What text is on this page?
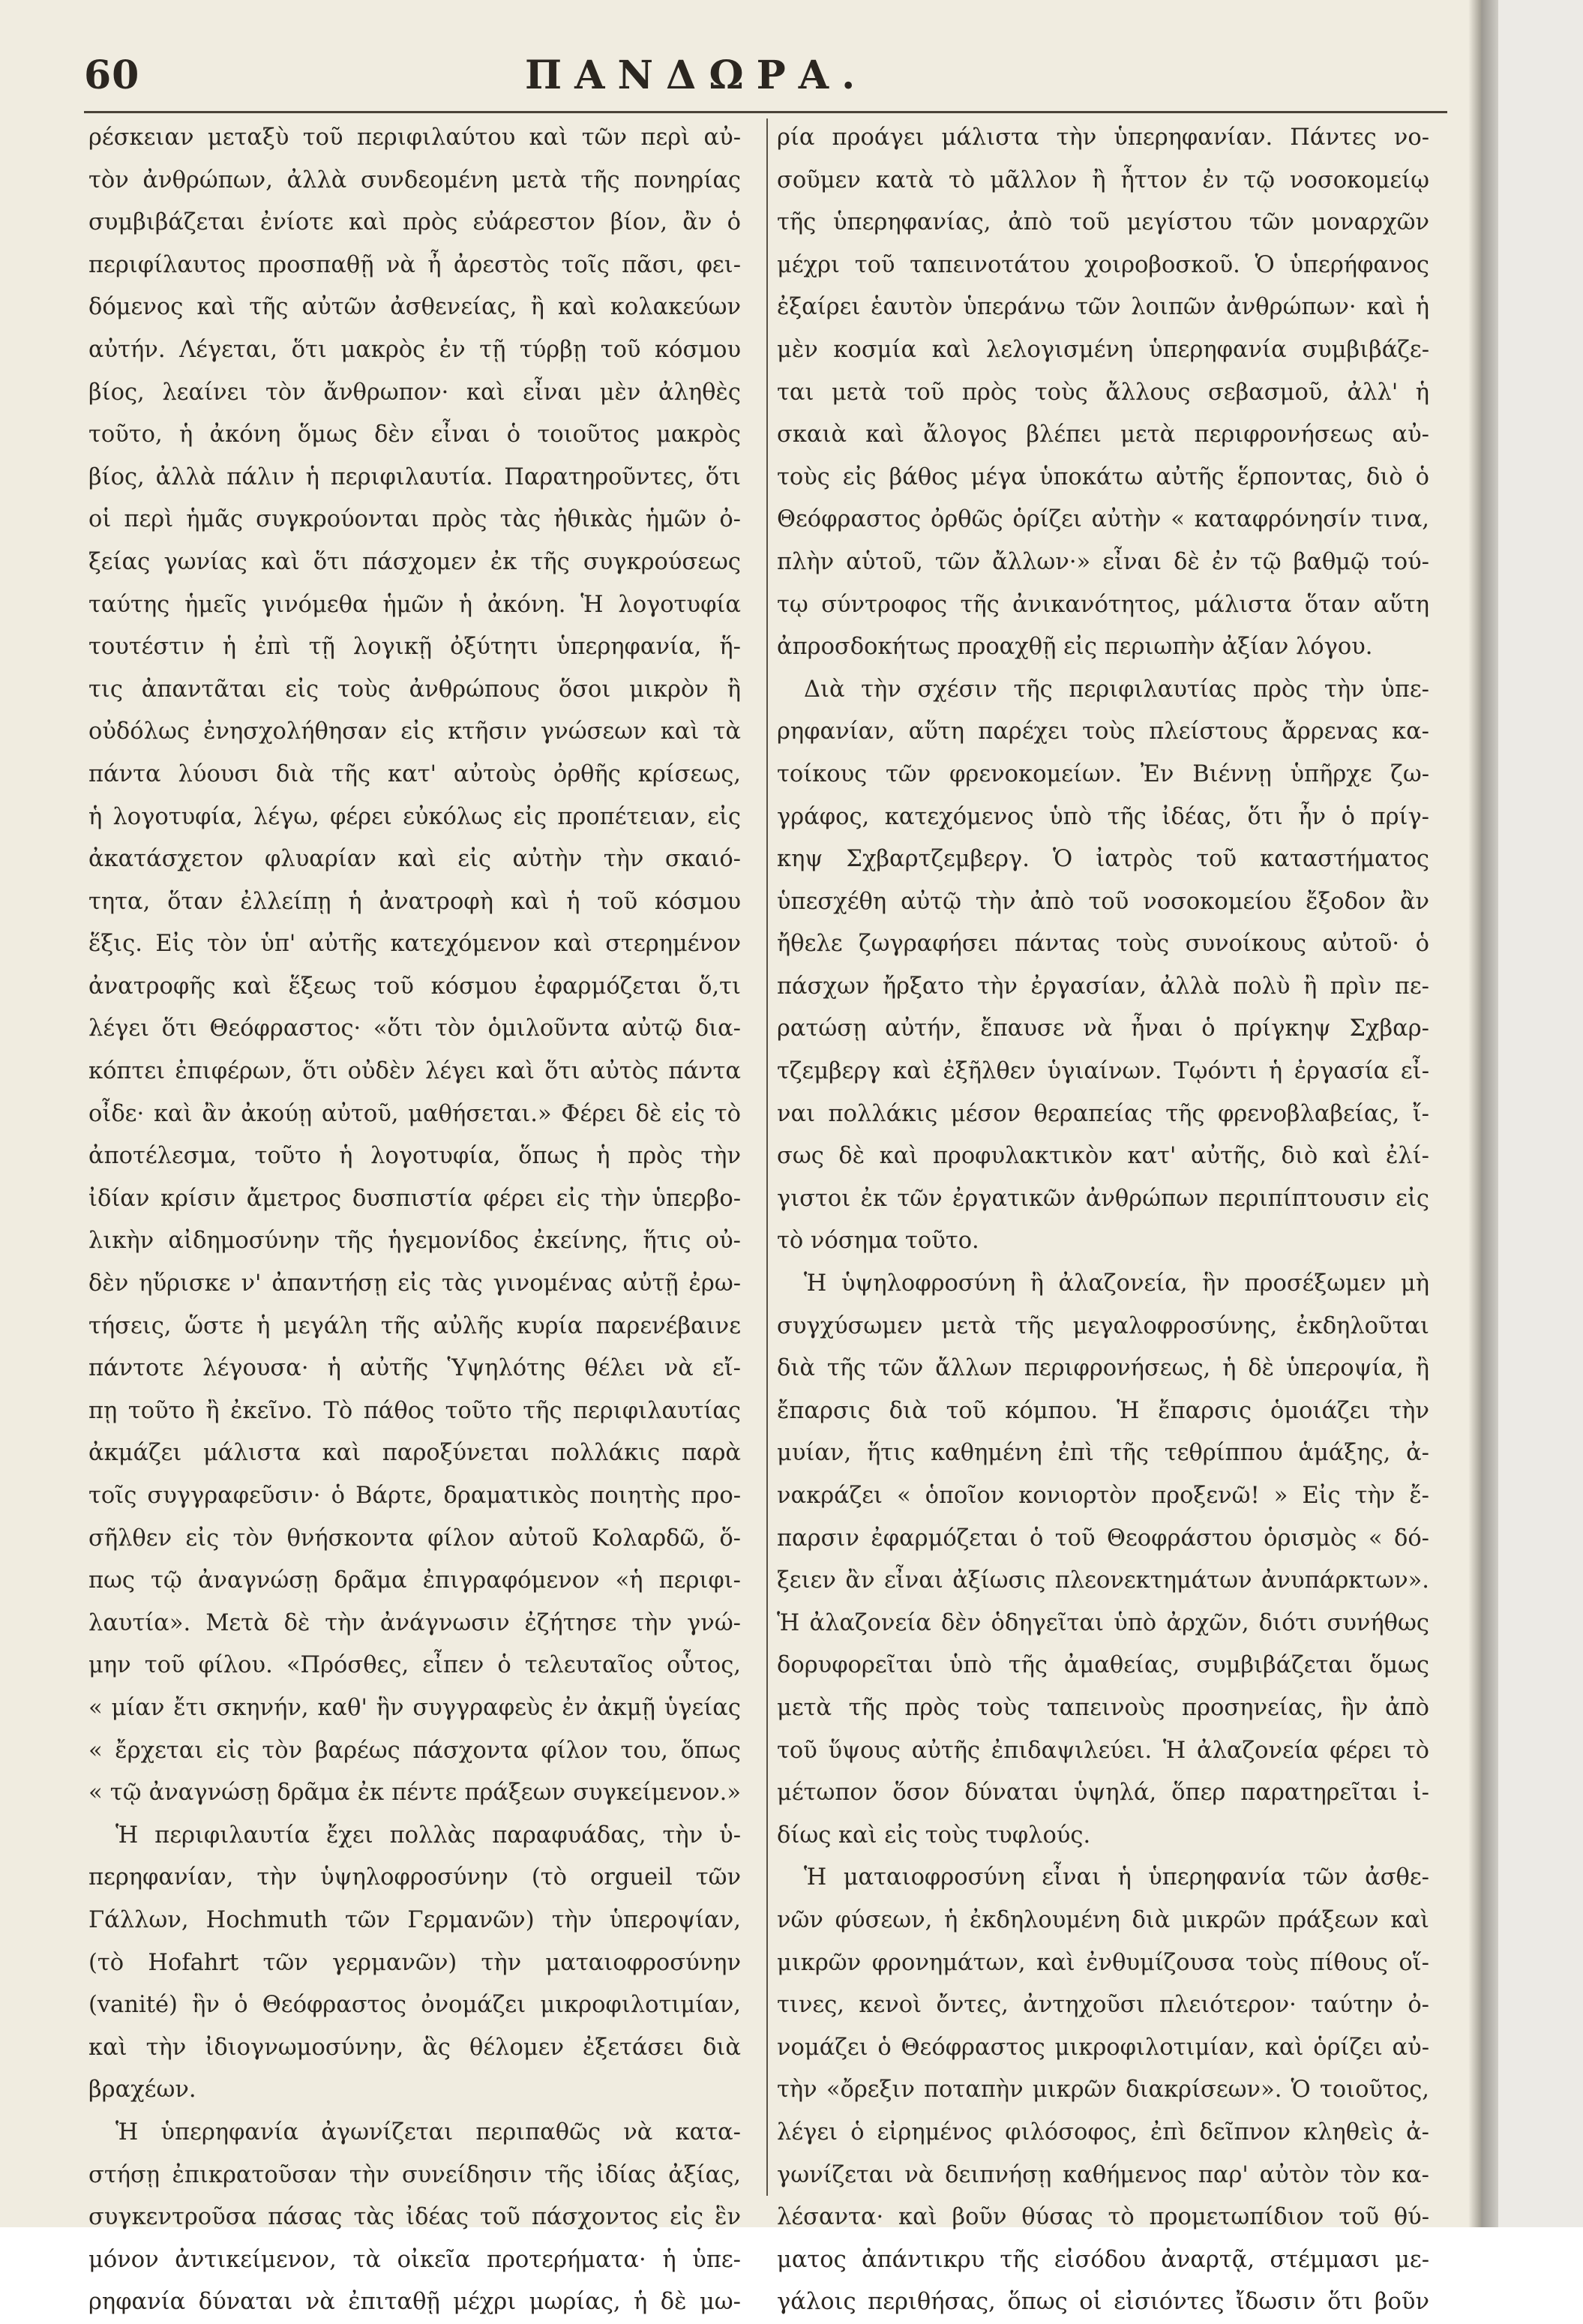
60	ΠΑΝΔΩΡΑ.
ρέσκειαν μεταξὺ τοῦ περιφιλαύτου καὶ τῶν περὶ αὐ-
τὸν ἀνθρώπων, ἀλλὰ συνδεομένη μετὰ τῆς πονηρίας
συμβιβάζεται ἐνίοτε καὶ πρὸς εὐάρεστον βίον, ἂν ὁ
περιφίλαυτος προσπαθῇ νὰ ἦ ἀρεστὸς τοῖς πᾶσι, φει-
δόμενος καὶ τῆς αὐτῶν ἀσθενείας, ἢ καὶ κολακεύων
αὐτήν. Λέγεται, ὅτι μακρὸς ἐν τῇ τύρβῃ τοῦ κόσμου
βίος, λεαίνει τὸν ἄνθρωπον· καὶ εἶναι μὲν ἀληθὲς
τοῦτο, ἡ ἀκόνη ὅμως δὲν εἶναι ὁ τοιοῦτος μακρὸς
βίος, ἀλλὰ πάλιν ἡ περιφιλαυτία. Παρατηροῦντες, ὅτι
οἱ περὶ ἡμᾶς συγκρούονται πρὸς τὰς ἠθικὰς ἡμῶν ὀ-
ξείας γωνίας καὶ ὅτι πάσχομεν ἐκ τῆς συγκρούσεως
ταύτης ἡμεῖς γινόμεθα ἡμῶν ἡ ἀκόνη. Ἡ λογοτυφία
τουτέστιν ἡ ἐπὶ τῇ λογικῇ ὀξύτητι ὑπερηφανία, ἥ-
τις ἀπαντᾶται εἰς τοὺς ἀνθρώπους ὅσοι μικρὸν ἢ
οὐδόλως ἐνησχολήθησαν εἰς κτῆσιν γνώσεων καὶ τὰ
πάντα λύουσι διὰ τῆς κατ' αὐτοὺς ὀρθῆς κρίσεως,
ἡ λογοτυφία, λέγω, φέρει εὐκόλως εἰς προπέτειαν, εἰς
ἀκατάσχετον φλυαρίαν καὶ εἰς αὐτὴν τὴν σκαιό-
τητα, ὅταν ἐλλείπῃ ἡ ἀνατροφὴ καὶ ἡ τοῦ κόσμου
ἕξις. Εἰς τὸν ὑπ' αὐτῆς κατεχόμενον καὶ στερημένον
ἀνατροφῆς καὶ ἕξεως τοῦ κόσμου ἐφαρμόζεται ὅ,τι
λέγει ὅτι Θεόφραστος· «ὅτι τὸν ὁμιλοῦντα αὐτῷ δια-
κόπτει ἐπιφέρων, ὅτι οὐδὲν λέγει καὶ ὅτι αὐτὸς πάντα
οἶδε· καὶ ἂν ἀκούῃ αὐτοῦ, μαθήσεται.» Φέρει δὲ εἰς τὸ
ἀποτέλεσμα, τοῦτο ἡ λογοτυφία, ὅπως ἡ πρὸς τὴν
ἰδίαν κρίσιν ἄμετρος δυσπιστία φέρει εἰς τὴν ὑπερβο-
λικὴν αἰδημοσύνην τῆς ἡγεμονίδος ἐκείνης, ἥτις οὐ-
δὲν ηὕρισκε ν' ἀπαντήσῃ εἰς τὰς γινομένας αὐτῇ ἐρω-
τήσεις, ὥστε ἡ μεγάλη τῆς αὐλῆς κυρία παρενέβαινε
πάντοτε λέγουσα· ἡ αὐτῆς Ὑψηλότης θέλει νὰ εἴ-
πῃ τοῦτο ἢ ἐκεῖνο. Τὸ πάθος τοῦτο τῆς περιφιλαυτίας
ἀκμάζει μάλιστα καὶ παροξύνεται πολλάκις παρὰ
τοῖς συγγραφεῦσιν· ὁ Βάρτε, δραματικὸς ποιητὴς προ-
σῆλθεν εἰς τὸν θνήσκοντα φίλον αὐτοῦ Κολαρδῶ, ὅ-
πως τῷ ἀναγνώσῃ δρᾶμα ἐπιγραφόμενον «ἡ περιφι-
λαυτία». Μετὰ δὲ τὴν ἀνάγνωσιν ἐζήτησε τὴν γνώ-
μην τοῦ φίλου. «Πρόσθες, εἶπεν ὁ τελευταῖος οὗτος,
« μίαν ἔτι σκηνήν, καθ' ἣν συγγραφεὺς ἐν ἀκμῇ ὑγείας
« ἔρχεται εἰς τὸν βαρέως πάσχοντα φίλον του, ὅπως
« τῷ ἀναγνώσῃ δρᾶμα ἐκ πέντε πράξεων συγκείμενον.»
Ἡ περιφιλαυτία ἔχει πολλὰς παραφυάδας, τὴν ὑ-
περηφανίαν, τὴν ὑψηλοφροσύνην (τὸ orgueil τῶν
Γάλλων, Hochmuth τῶν Γερμανῶν) τὴν ὑπεροψίαν,
(τὸ Hofahrt τῶν γερμανῶν) τὴν ματαιοφροσύνην
(vanité) ἣν ὁ Θεόφραστος ὀνομάζει μικροφιλοτιμίαν,
καὶ τὴν ἰδιογνωμοσύνην, ἃς θέλομεν ἐξετάσει διὰ
βραχέων.
Ἡ ὑπερηφανία ἀγωνίζεται περιπαθῶς νὰ κατα-
στήσῃ ἐπικρατοῦσαν τὴν συνείδησιν τῆς ἰδίας ἀξίας,
συγκεντροῦσα πάσας τὰς ἰδέας τοῦ πάσχοντος εἰς ἓν
μόνον ἀντικείμενον, τὰ οἰκεῖα προτερήματα· ἡ ὑπε-
ρηφανία δύναται νὰ ἐπιταθῇ μέχρι μωρίας, ἡ δὲ μω-
ρία προάγει μάλιστα τὴν ὑπερηφανίαν. Πάντες νο-
σοῦμεν κατὰ τὸ μᾶλλον ἢ ἧττον ἐν τῷ νοσοκομείῳ
τῆς ὑπερηφανίας, ἀπὸ τοῦ μεγίστου τῶν μοναρχῶν
μέχρι τοῦ ταπεινοτάτου χοιροβοσκοῦ. Ὁ ὑπερήφανος
ἐξαίρει ἑαυτὸν ὑπεράνω τῶν λοιπῶν ἀνθρώπων· καὶ ἡ
μὲν κοσμία καὶ λελογισμένη ὑπερηφανία συμβιβάζε-
ται μετὰ τοῦ πρὸς τοὺς ἄλλους σεβασμοῦ, ἀλλ' ἡ
σκαιὰ καὶ ἄλογος βλέπει μετὰ περιφρονήσεως αὐ-
τοὺς εἰς βάθος μέγα ὑποκάτω αὐτῆς ἕρποντας, διὸ ὁ
Θεόφραστος ὀρθῶς ὁρίζει αὐτὴν « καταφρόνησίν τινα,
πλὴν αὑτοῦ, τῶν ἄλλων·» εἶναι δὲ ἐν τῷ βαθμῷ τού-
τῳ σύντροφος τῆς ἀνικανότητος, μάλιστα ὅταν αὕτη
ἀπροσδοκήτως προαχθῇ εἰς περιωπὴν ἀξίαν λόγου.
Διὰ τὴν σχέσιν τῆς περιφιλαυτίας πρὸς τὴν ὑπε-
ρηφανίαν, αὕτη παρέχει τοὺς πλείστους ἄρρενας κα-
τοίκους τῶν φρενοκομείων. Ἐν Βιέννῃ ὑπῆρχε ζω-
γράφος, κατεχόμενος ὑπὸ τῆς ἰδέας, ὅτι ἦν ὁ πρίγ-
κηψ Σχβαρτζεμβεργ. Ὁ ἰατρὸς τοῦ καταστήματος
ὑπεσχέθη αὐτῷ τὴν ἀπὸ τοῦ νοσοκομείου ἔξοδον ἂν
ἤθελε ζωγραφήσει πάντας τοὺς συνοίκους αὐτοῦ· ὁ
πάσχων ἤρξατο τὴν ἐργασίαν, ἀλλὰ πολὺ ἢ πρὶν πε-
ρατώσῃ αὐτήν, ἔπαυσε νὰ ἦναι ὁ πρίγκηψ Σχβαρ-
τζεμβεργ καὶ ἐξῆλθεν ὑγιαίνων. Τῳόντι ἡ ἐργασία εἶ-
ναι πολλάκις μέσον θεραπείας τῆς φρενοβλαβείας, ἴ-
σως δὲ καὶ προφυλακτικὸν κατ' αὐτῆς, διὸ καὶ ἐλί-
γιστοι ἐκ τῶν ἐργατικῶν ἀνθρώπων περιπίπτουσιν εἰς
τὸ νόσημα τοῦτο.
Ἡ ὑψηλοφροσύνη ἢ ἀλαζονεία, ἣν προσέξωμεν μὴ
συγχύσωμεν μετὰ τῆς μεγαλοφροσύνης, ἐκδηλοῦται
διὰ τῆς τῶν ἄλλων περιφρονήσεως, ἡ δὲ ὑπεροψία, ἢ
ἔπαρσις διὰ τοῦ κόμπου. Ἡ ἔπαρσις ὁμοιάζει τὴν
μυίαν, ἥτις καθημένη ἐπὶ τῆς τεθρίππου ἁμάξης, ἀ-
νακράζει « ὁποῖον κονιορτὸν προξενῶ! » Εἰς τὴν ἔ-
παρσιν ἐφαρμόζεται ὁ τοῦ Θεοφράστου ὁρισμὸς « δό-
ξειεν ἂν εἶναι ἀξίωσις πλεονεκτημάτων ἀνυπάρκτων».
Ἡ ἀλαζονεία δὲν ὁδηγεῖται ὑπὸ ἀρχῶν, διότι συνήθως
δορυφορεῖται ὑπὸ τῆς ἀμαθείας, συμβιβάζεται ὅμως
μετὰ τῆς πρὸς τοὺς ταπεινοὺς προσηνείας, ἣν ἀπὸ
τοῦ ὕψους αὐτῆς ἐπιδαψιλεύει. Ἡ ἀλαζονεία φέρει τὸ
μέτωπον ὅσον δύναται ὑψηλά, ὅπερ παρατηρεῖται ἰ-
δίως καὶ εἰς τοὺς τυφλούς.
Ἡ ματαιοφροσύνη εἶναι ἡ ὑπερηφανία τῶν ἀσθε-
νῶν φύσεων, ἡ ἐκδηλουμένη διὰ μικρῶν πράξεων καὶ
μικρῶν φρονημάτων, καὶ ἐνθυμίζουσα τοὺς πίθους οἵ-
τινες, κενοὶ ὄντες, ἀντηχοῦσι πλειότερον· ταύτην ὀ-
νομάζει ὁ Θεόφραστος μικροφιλοτιμίαν, καὶ ὁρίζει αὐ-
τὴν «ὄρεξιν ποταπὴν μικρῶν διακρίσεων». Ὁ τοιοῦτος,
λέγει ὁ εἰρημένος φιλόσοφος, ἐπὶ δεῖπνον κληθεὶς ἀ-
γωνίζεται νὰ δειπνήσῃ καθήμενος παρ' αὐτὸν τὸν κα-
λέσαντα· καὶ βοῦν θύσας τὸ προμετωπίδιον τοῦ θύ-
ματος ἀπάντικρυ τῆς εἰσόδου ἀναρτᾷ, στέμμασι με-
γάλοις περιθήσας, ὅπως οἱ εἰσιόντες ἴδωσιν ὅτι βοῦν
